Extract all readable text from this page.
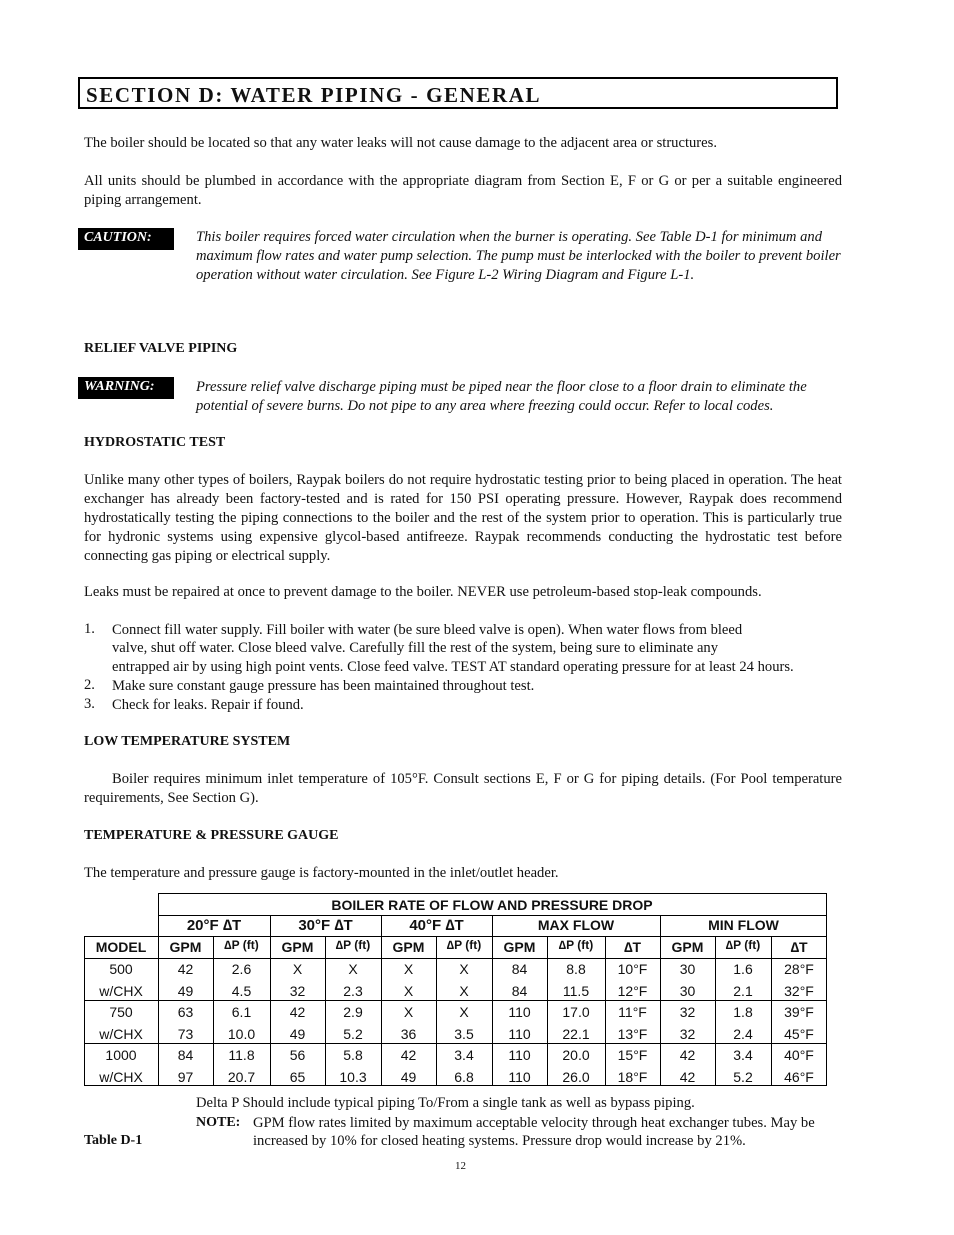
SECTION D: WATER PIPING - GENERAL
The boiler should be located so that any water leaks will not cause damage to the adjacent area or structures.
All units should be plumbed in accordance with the appropriate diagram from Section E, F or G or per a suitable engineered piping arrangement.
CAUTION:	This boiler requires forced water circulation when the burner is operating. See Table D-1 for minimum and maximum flow rates and water pump selection. The pump must be interlocked with the boiler to prevent boiler operation without water circulation. See Figure L-2 Wiring Diagram and Figure L-1.
RELIEF VALVE PIPING
WARNING:	Pressure relief valve discharge piping must be piped near the floor close to a floor drain to eliminate the potential of severe burns. Do not pipe to any area where freezing could occur. Refer to local codes.
HYDROSTATIC TEST
Unlike many other types of boilers, Raypak boilers do not require hydrostatic testing prior to being placed in operation. The heat exchanger has already been factory-tested and is rated for 150 PSI operating pressure. However, Raypak does recommend hydrostatically testing the piping connections to the boiler and the rest of the system prior to operation. This is particularly true for hydronic systems using expensive glycol-based antifreeze. Raypak recommends conducting the hydrostatic test before connecting gas piping or electrical supply.
Leaks must be repaired at once to prevent damage to the boiler. NEVER use petroleum-based stop-leak compounds.
1. Connect fill water supply. Fill boiler with water (be sure bleed valve is open). When water flows from bleed
valve, shut off water. Close bleed valve. Carefully fill the rest of the system, being sure to eliminate any
entrapped air by using high point vents. Close feed valve. TEST AT standard operating pressure for at least 24 hours.
2. Make sure constant gauge pressure has been maintained throughout test.
3. Check for leaks. Repair if found.
LOW TEMPERATURE SYSTEM
Boiler requires minimum inlet temperature of 105°F. Consult sections E, F or G for piping details. (For Pool temperature requirements, See Section G).
TEMPERATURE & PRESSURE GAUGE
The temperature and pressure gauge is factory-mounted in the inlet/outlet header.
BOILER RATE OF FLOW AND PRESSURE DROP
20°F ∆T	30°F ∆T	40°F ∆T	MAX FLOW	MIN FLOW
MODEL	GPM	∆P (ft)	GPM	∆P (ft)	GPM	∆P (ft)	GPM	∆P (ft)	∆T	GPM	∆P (ft)	∆T
500	42	2.6	X	X	X	X	84	8.8	10°F	30	1.6	28°F
w/CHX	49	4.5	32	2.3	X	X	84	11.5	12°F	30	2.1	32°F
750	63	6.1	42	2.9	X	X	110	17.0	11°F	32	1.8	39°F
w/CHX	73	10.0	49	5.2	36	3.5	110	22.1	13°F	32	2.4	45°F
1000	84	11.8	56	5.8	42	3.4	110	20.0	15°F	42	3.4	40°F
w/CHX	97	20.7	65	10.3	49	6.8	110	26.0	18°F	42	5.2	46°F
Delta P Should include typical piping To/From a single tank as well as bypass piping.
NOTE: GPM flow rates limited by maximum acceptable velocity through heat exchanger tubes. May be
increased by 10% for closed heating systems. Pressure drop would increase by 21%.
Table D-1
12
